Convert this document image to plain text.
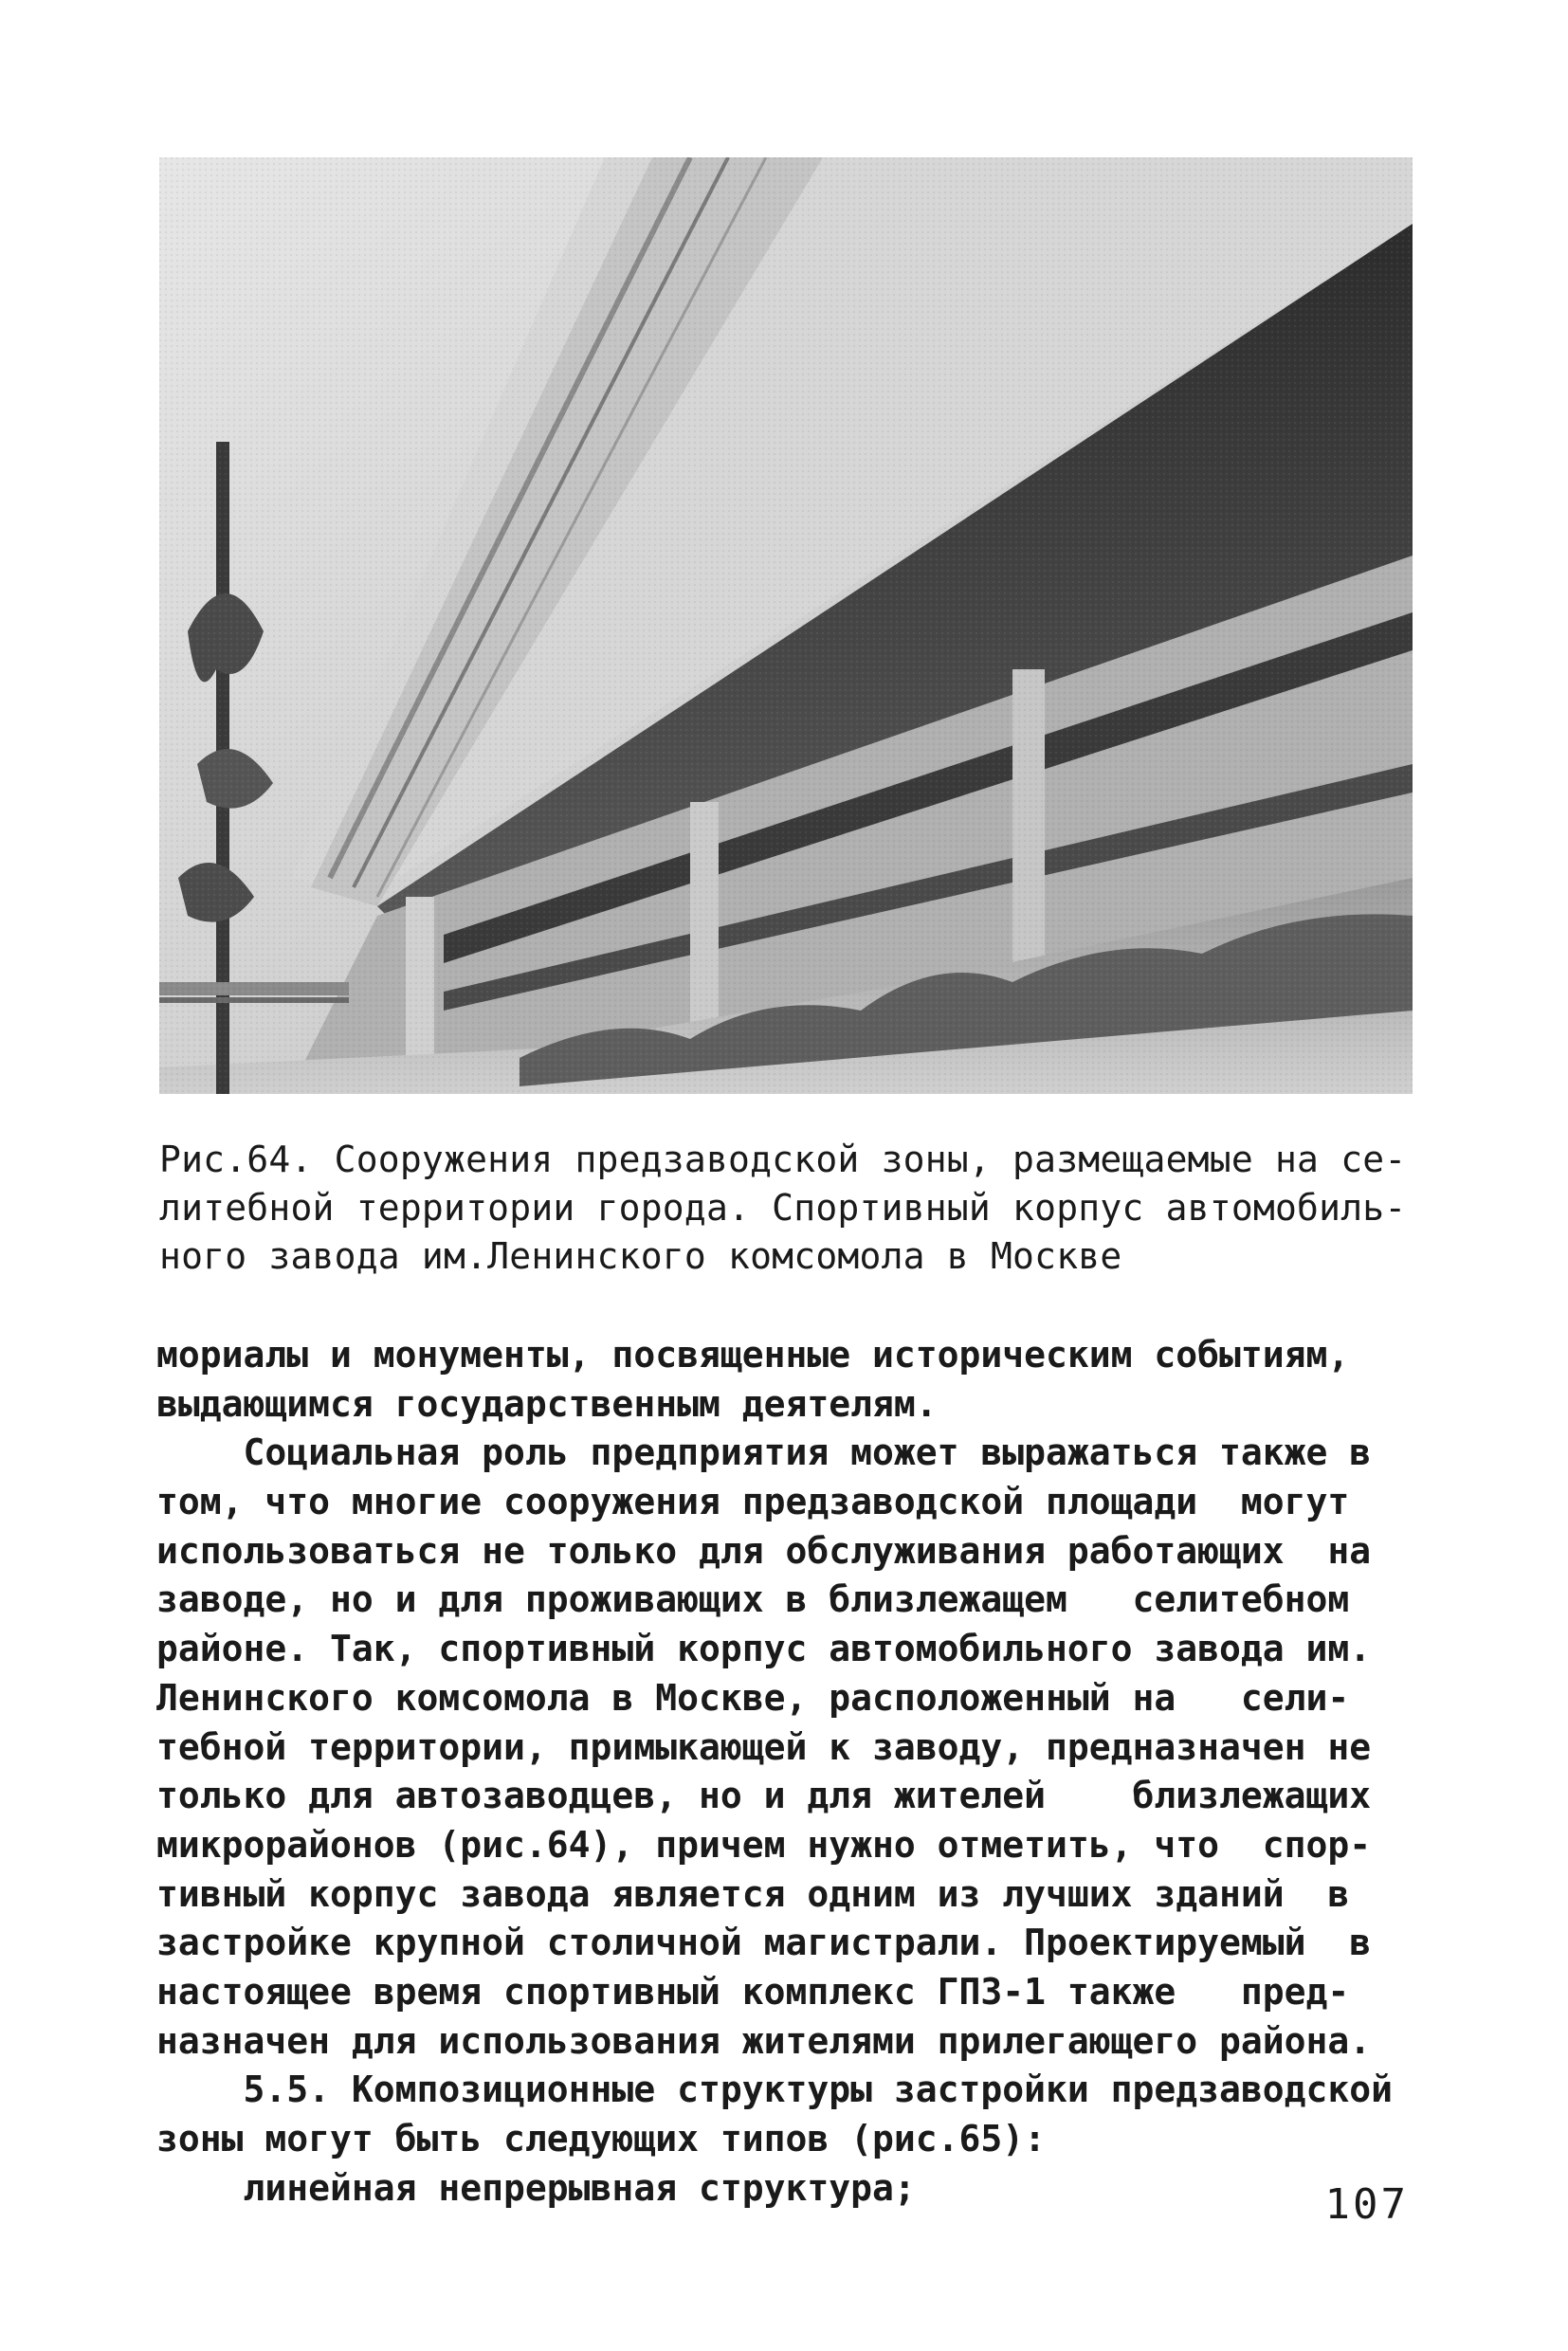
Рис.64. Сооружения предзаводской зоны, размещаемые на се-
литебной территории города. Спортивный корпус автомобиль-
ного завода им.Ленинского комсомола в Москве
мориалы и монументы, посвященные историческим событиям,
выдающимся государственным деятелям.
Социальная роль предприятия может выражаться также в
том, что многие сооружения предзаводской площади  могут
использоваться не только для обслуживания работающих  на
заводе, но и для проживающих в близлежащем   селитебном
районе. Так, спортивный корпус автомобильного завода им.
Ленинского комсомола в Москве, расположенный на   сели-
тебной территории, примыкающей к заводу, предназначен не
только для автозаводцев, но и для жителей    близлежащих
микрорайонов (рис.64), причем нужно отметить, что  спор-
тивный корпус завода является одним из лучших зданий  в
застройке крупной столичной магистрали. Проектируемый  в
настоящее время спортивный комплекс ГПЗ-1 также   пред-
назначен для использования жителями прилегающего района.
5.5. Композиционные структуры застройки предзаводской
зоны могут быть следующих типов (рис.65):
линейная непрерывная структура;	107
